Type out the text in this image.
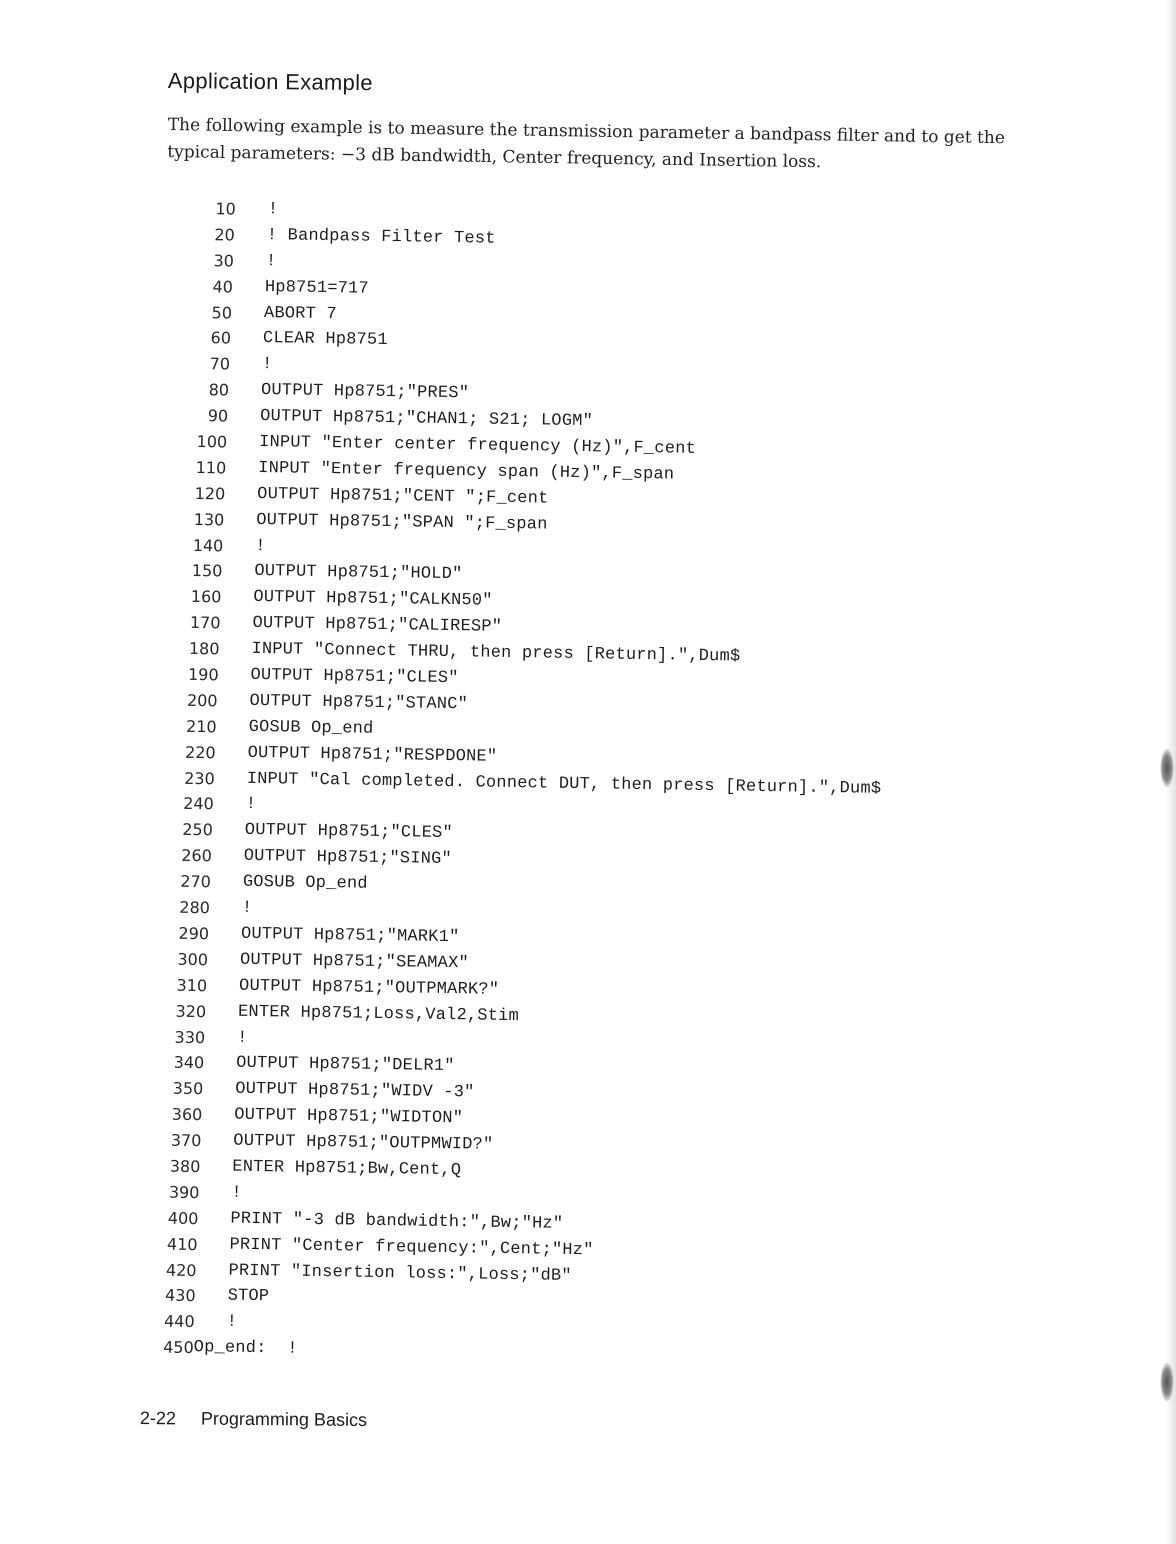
Application Example

The following example is to measure the transmission parameter a bandpass filter and to get the typical parameters: −3 dB bandwidth, Center frequency, and Insertion loss.

10 !
20 ! Bandpass Filter Test
30 !
40 Hp8751=717
50 ABORT 7
60 CLEAR Hp8751
70 !
80 OUTPUT Hp8751;"PRES"
90 OUTPUT Hp8751;"CHAN1; S21; LOGM"
100 INPUT "Enter center frequency (Hz)",F_cent
110 INPUT "Enter frequency span (Hz)",F_span
120 OUTPUT Hp8751;"CENT ";F_cent
130 OUTPUT Hp8751;"SPAN ";F_span
140 !
150 OUTPUT Hp8751;"HOLD"
160 OUTPUT Hp8751;"CALKN50"
170 OUTPUT Hp8751;"CALIRESP"
180 INPUT "Connect THRU, then press [Return].",Dum$
190 OUTPUT Hp8751;"CLES"
200 OUTPUT Hp8751;"STANC"
210 GOSUB Op_end
220 OUTPUT Hp8751;"RESPDONE"
230 INPUT "Cal completed. Connect DUT, then press [Return].",Dum$
240 !
250 OUTPUT Hp8751;"CLES"
260 OUTPUT Hp8751;"SING"
270 GOSUB Op_end
280 !
290 OUTPUT Hp8751;"MARK1"
300 OUTPUT Hp8751;"SEAMAX"
310 OUTPUT Hp8751;"OUTPMARK?"
320 ENTER Hp8751;Loss,Val2,Stim
330 !
340 OUTPUT Hp8751;"DELR1"
350 OUTPUT Hp8751;"WIDV -3"
360 OUTPUT Hp8751;"WIDTON"
370 OUTPUT Hp8751;"OUTPMWID?"
380 ENTER Hp8751;Bw,Cent,Q
390 !
400 PRINT "-3 dB bandwidth:",Bw;"Hz"
410 PRINT "Center frequency:",Cent;"Hz"
420 PRINT "Insertion loss:",Loss;"dB"
430 STOP
440 !
450 Op_end:  !
2-22 Programming Basics
